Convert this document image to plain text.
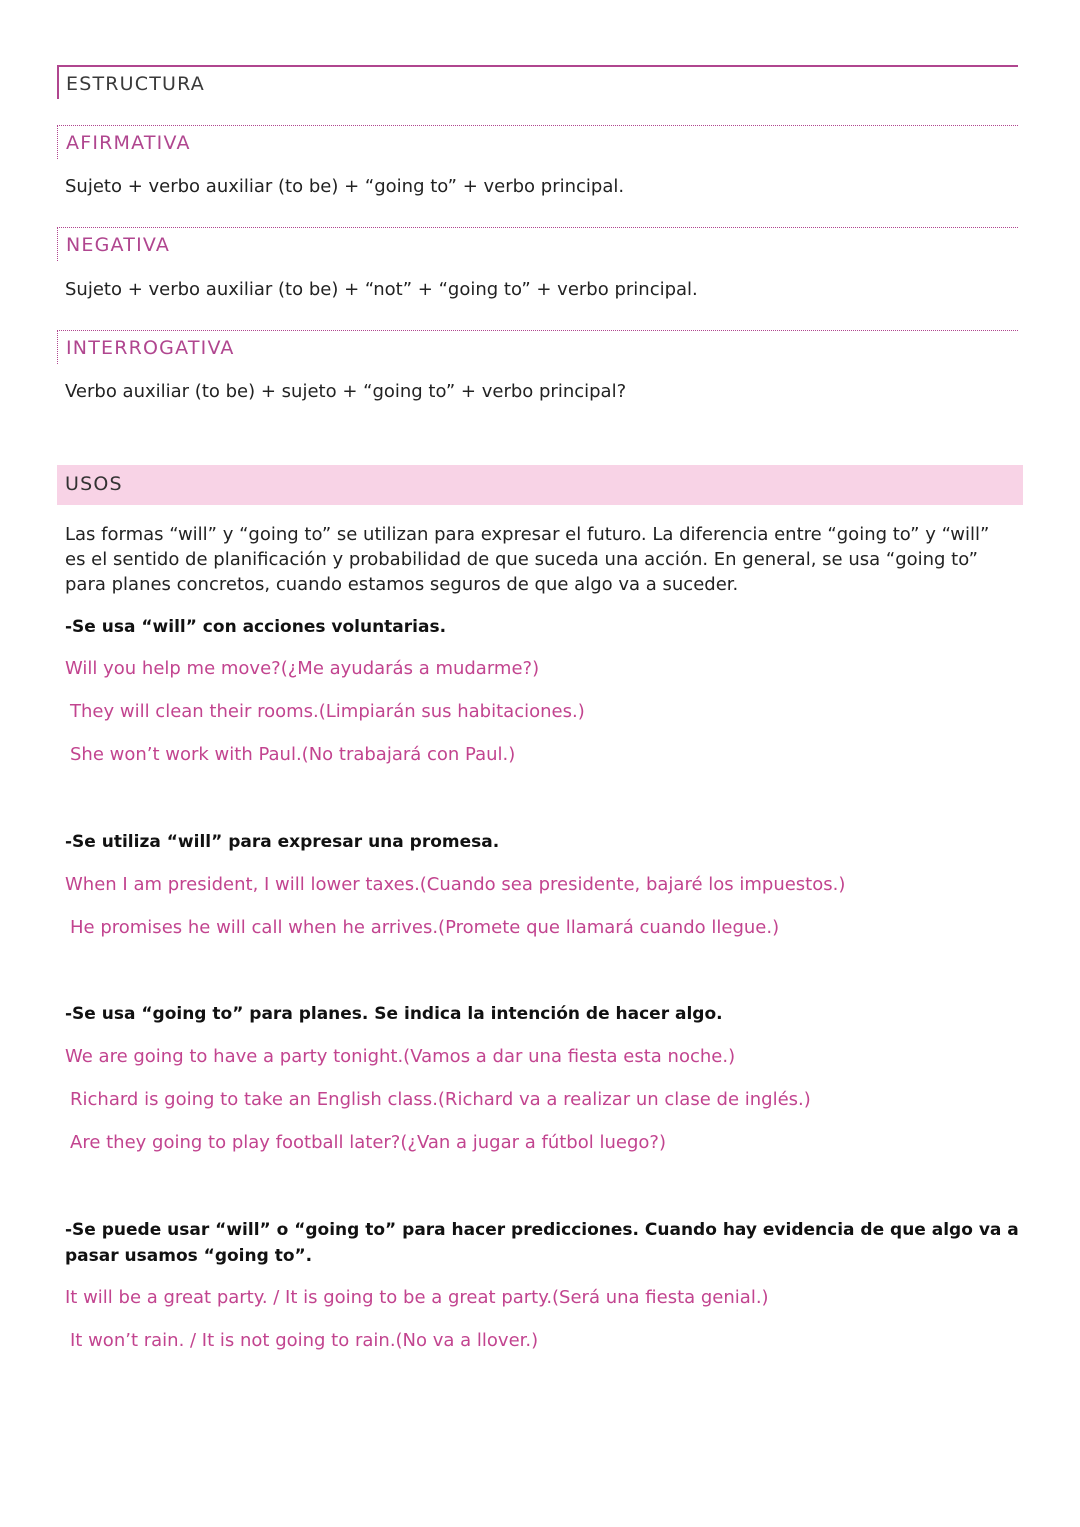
ESTRUCTURA
AFIRMATIVA
Sujeto + verbo auxiliar (to be) + “going to” + verbo principal.
NEGATIVA
Sujeto + verbo auxiliar (to be) + “not” + “going to” + verbo principal.
INTERROGATIVA
Verbo auxiliar (to be) + sujeto + “going to” + verbo principal?
USOS

Las formas “will” y “going to” se utilizan para expresar el futuro. La diferencia entre “going to” y “will” es el sentido de planificación y probabilidad de que suceda una acción. En general, se usa “going to” para planes concretos, cuando estamos seguros de que algo va a suceder.

-Se usa “will” con acciones voluntarias.
Will you help me move?(¿Me ayudarás a mudarme?)
They will clean their rooms.(Limpiarán sus habitaciones.)
She won’t work with Paul.(No trabajará con Paul.)
-Se utiliza “will” para expresar una promesa.
When I am president, I will lower taxes.(Cuando sea presidente, bajaré los impuestos.)
He promises he will call when he arrives.(Promete que llamará cuando llegue.)
-Se usa “going to” para planes. Se indica la intención de hacer algo.
We are going to have a party tonight.(Vamos a dar una fiesta esta noche.)
Richard is going to take an English class.(Richard va a realizar un clase de inglés.)
Are they going to play football later?(¿Van a jugar a fútbol luego?)
-Se puede usar “will” o “going to” para hacer predicciones. Cuando hay evidencia de que algo va a pasar usamos “going to”.
It will be a great party. / It is going to be a great party.(Será una fiesta genial.)
It won’t rain. / It is not going to rain.(No va a llover.)
